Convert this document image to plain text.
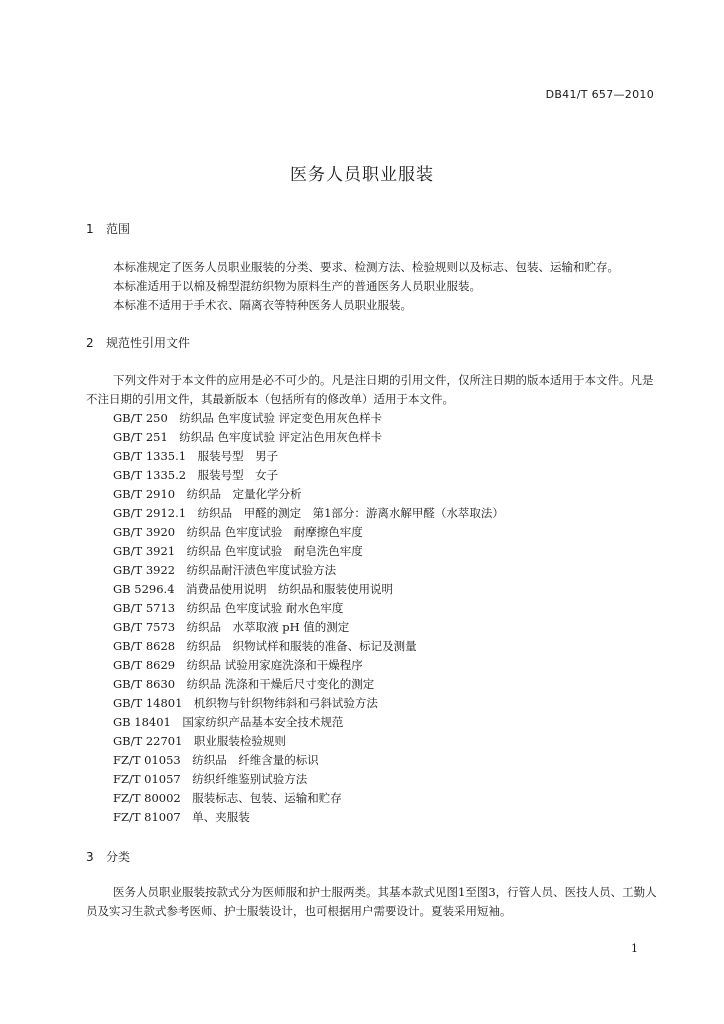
DB41/T 657—2010
医务人员职业服装
1 范围

本标准规定了医务人员职业服装的分类、要求、检测方法、检验规则以及标志、包装、运输和贮存。

本标准适用于以棉及棉型混纺织物为原料生产的普通医务人员职业服装。

本标准不适用于手术衣、隔离衣等特种医务人员职业服装。

2 规范性引用文件

下列文件对于本文件的应用是必不可少的。凡是注日期的引用文件，仅所注日期的版本适用于本文件。凡是不注日期的引用文件，其最新版本（包括所有的修改单）适用于本文件。

GB/T 250　纺织品 色牢度试验 评定变色用灰色样卡
GB/T 251　纺织品 色牢度试验 评定沾色用灰色样卡
GB/T 1335.1　服装号型　男子
GB/T 1335.2　服装号型　女子
GB/T 2910　纺织品　定量化学分析
GB/T 2912.1　纺织品　甲醛的测定　第1部分：游离水解甲醛（水萃取法）
GB/T 3920　纺织品 色牢度试验　耐摩擦色牢度
GB/T 3921　纺织品 色牢度试验　耐皂洗色牢度
GB/T 3922　纺织品耐汗渍色牢度试验方法
GB 5296.4　消费品使用说明　纺织品和服装使用说明
GB/T 5713　纺织品 色牢度试验 耐水色牢度
GB/T 7573　纺织品　水萃取液 pH 值的测定
GB/T 8628　纺织品　织物试样和服装的准备、标记及测量
GB/T 8629　纺织品 试验用家庭洗涤和干燥程序
GB/T 8630　纺织品 洗涤和干燥后尺寸变化的测定
GB/T 14801　机织物与针织物纬斜和弓斜试验方法
GB 18401　国家纺织产品基本安全技术规范
GB/T 22701　职业服装检验规则
FZ/T 01053　纺织品　纤维含量的标识
FZ/T 01057　纺织纤维鉴别试验方法
FZ/T 80002　服装标志、包装、运输和贮存
FZ/T 81007　单、夹服装
3 分类

医务人员职业服装按款式分为医师服和护士服两类。其基本款式见图1至图3，行管人员、医技人员、工勤人员及实习生款式参考医师、护士服装设计，也可根据用户需要设计。夏装采用短袖。

1
